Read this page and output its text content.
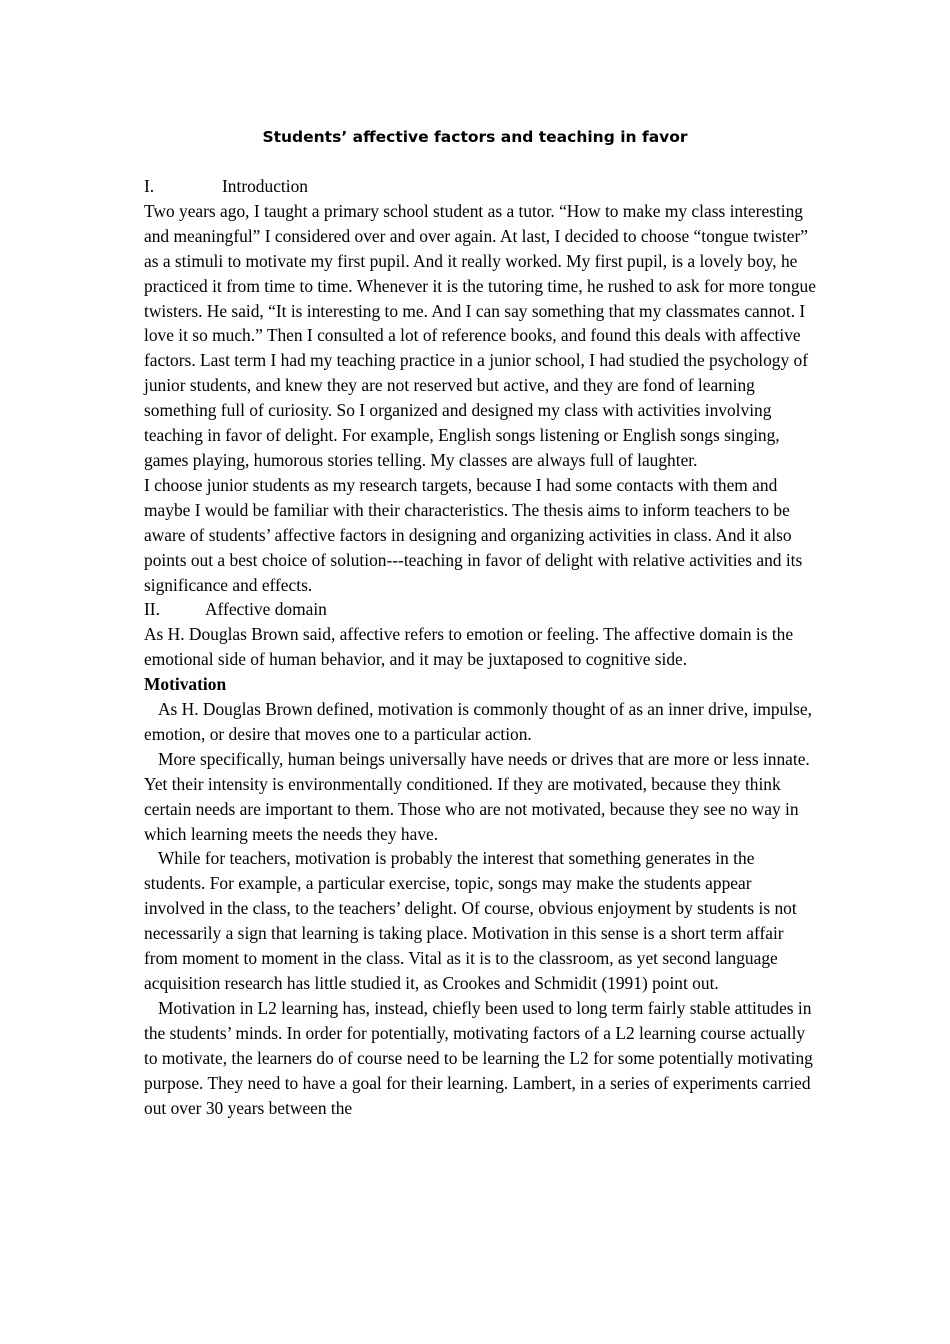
Students’ affective factors and teaching in favor

I.	Introduction

Two years ago, I taught a primary school student as a tutor. “How to make my class interesting and meaningful” I considered over and over again. At last, I decided to choose “tongue twister” as a stimuli to motivate my first pupil. And it really worked. My first pupil, is a lovely boy, he practiced it from time to time. Whenever it is the tutoring time, he rushed to ask for more tongue twisters. He said, “It is interesting to me. And I can say something that my classmates cannot. I love it so much.” Then I consulted a lot of reference books, and found this deals with affective factors. Last term I had my teaching practice in a junior school, I had studied the psychology of junior students, and knew they are not reserved but active, and they are fond of learning something full of curiosity. So I organized and designed my class with activities involving teaching in favor of delight. For example, English songs listening or English songs singing, games playing, humorous stories telling. My classes are always full of laughter.

I choose junior students as my research targets, because I had some contacts with them and maybe I would be familiar with their characteristics. The thesis aims to inform teachers to be aware of students’ affective factors in designing and organizing activities in class. And it also points out a best choice of solution---teaching in favor of delight with relative activities and its significance and effects.

II.	Affective domain

As H. Douglas Brown said, affective refers to emotion or feeling. The affective domain is the emotional side of human behavior, and it may be juxtaposed to cognitive side.

Motivation

As H. Douglas Brown defined, motivation is commonly thought of as an inner drive, impulse, emotion, or desire that moves one to a particular action.

More specifically, human beings universally have needs or drives that are more or less innate. Yet their intensity is environmentally conditioned. If they are motivated, because they think certain needs are important to them. Those who are not motivated, because they see no way in which learning meets the needs they have.

While for teachers, motivation is probably the interest that something generates in the students. For example, a particular exercise, topic, songs may make the students appear involved in the class, to the teachers’ delight. Of course, obvious enjoyment by students is not necessarily a sign that learning is taking place. Motivation in this sense is a short term affair from moment to moment in the class. Vital as it is to the classroom, as yet second language acquisition research has little studied it, as Crookes and Schmidit (1991) point out.

Motivation in L2 learning has, instead, chiefly been used to long term fairly stable attitudes in the students’ minds. In order for potentially, motivating factors of a L2 learning course actually to motivate, the learners do of course need to be learning the L2 for some potentially motivating purpose. They need to have a goal for their learning. Lambert, in a series of experiments carried out over 30 years between the
